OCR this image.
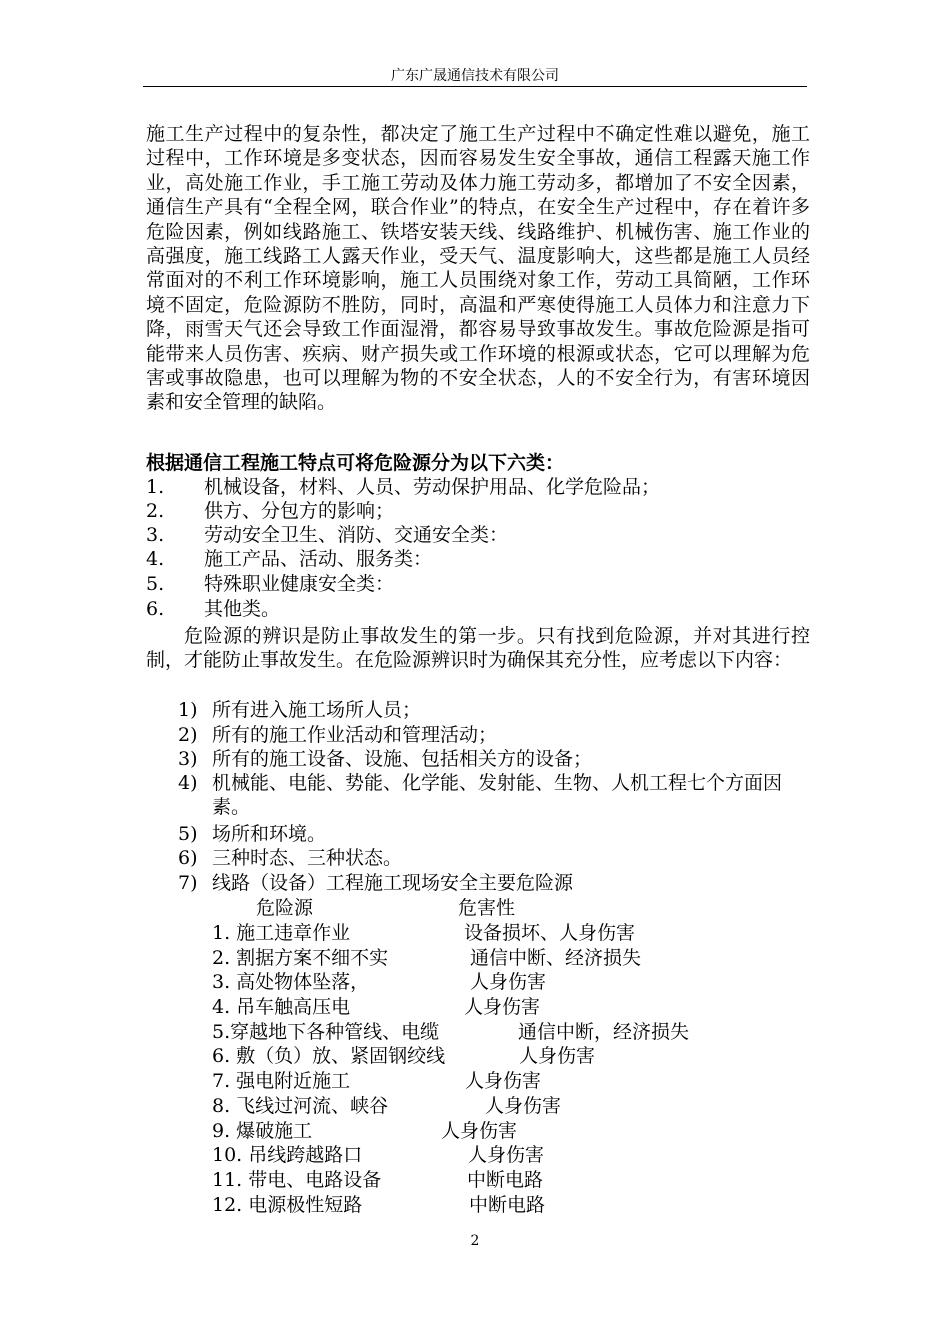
广东广晟通信技术有限公司

施工生产过程中的复杂性，都决定了施工生产过程中不确定性难以避免，施工过程中，工作环境是多变状态，因而容易发生安全事故，通信工程露天施工作业，高处施工作业，手工施工劳动及体力施工劳动多，都增加了不安全因素，通信生产具有“全程全网，联合作业”的特点，在安全生产过程中，存在着许多危险因素，例如线路施工、铁塔安装天线、线路维护、机械伤害、施工作业的高强度，施工线路工人露天作业，受天气、温度影响大，这些都是施工人员经常面对的不利工作环境影响，施工人员围绕对象工作，劳动工具简陋，工作环境不固定，危险源防不胜防，同时，高温和严寒使得施工人员体力和注意力下降，雨雪天气还会导致工作面湿滑，都容易导致事故发生。事故危险源是指可能带来人员伤害、疾病、财产损失或工作环境的根源或状态，它可以理解为危害或事故隐患，也可以理解为物的不安全状态，人的不安全行为，有害环境因素和安全管理的缺陷。

根据通信工程施工特点可将危险源分为以下六类：

1. 机械设备，材料、人员、劳动保护用品、化学危险品；
2. 供方、分包方的影响；
3. 劳动安全卫生、消防、交通安全类：
4. 施工产品、活动、服务类：
5. 特殊职业健康安全类：
6. 其他类。

危险源的辨识是防止事故发生的第一步。只有找到危险源，并对其进行控制，才能防止事故发生。在危险源辨识时为确保其充分性，应考虑以下内容：

1) 所有进入施工场所人员；
2) 所有的施工作业活动和管理活动；
3) 所有的施工设备、设施、包括相关方的设备；
4) 机械能、电能、势能、化学能、发射能、生物、人机工程七个方面因素。
5) 场所和环境。
6) 三种时态、三种状态。
7) 线路（设备）工程施工现场安全主要危险源
危险源	危害性
1. 施工违章作业	设备损坏、人身伤害
2. 割据方案不细不实	通信中断、经济损失
3. 高处物体坠落，	人身伤害
4. 吊车触高压电	人身伤害
5.穿越地下各种管线、电缆	通信中断，经济损失
6. 敷（负）放、紧固钢绞线	人身伤害
7. 强电附近施工	人身伤害
8. 飞线过河流、峡谷	人身伤害
9. 爆破施工	人身伤害
10. 吊线跨越路口	人身伤害
11. 带电、电路设备	中断电路
12. 电源极性短路	中断电路
2
